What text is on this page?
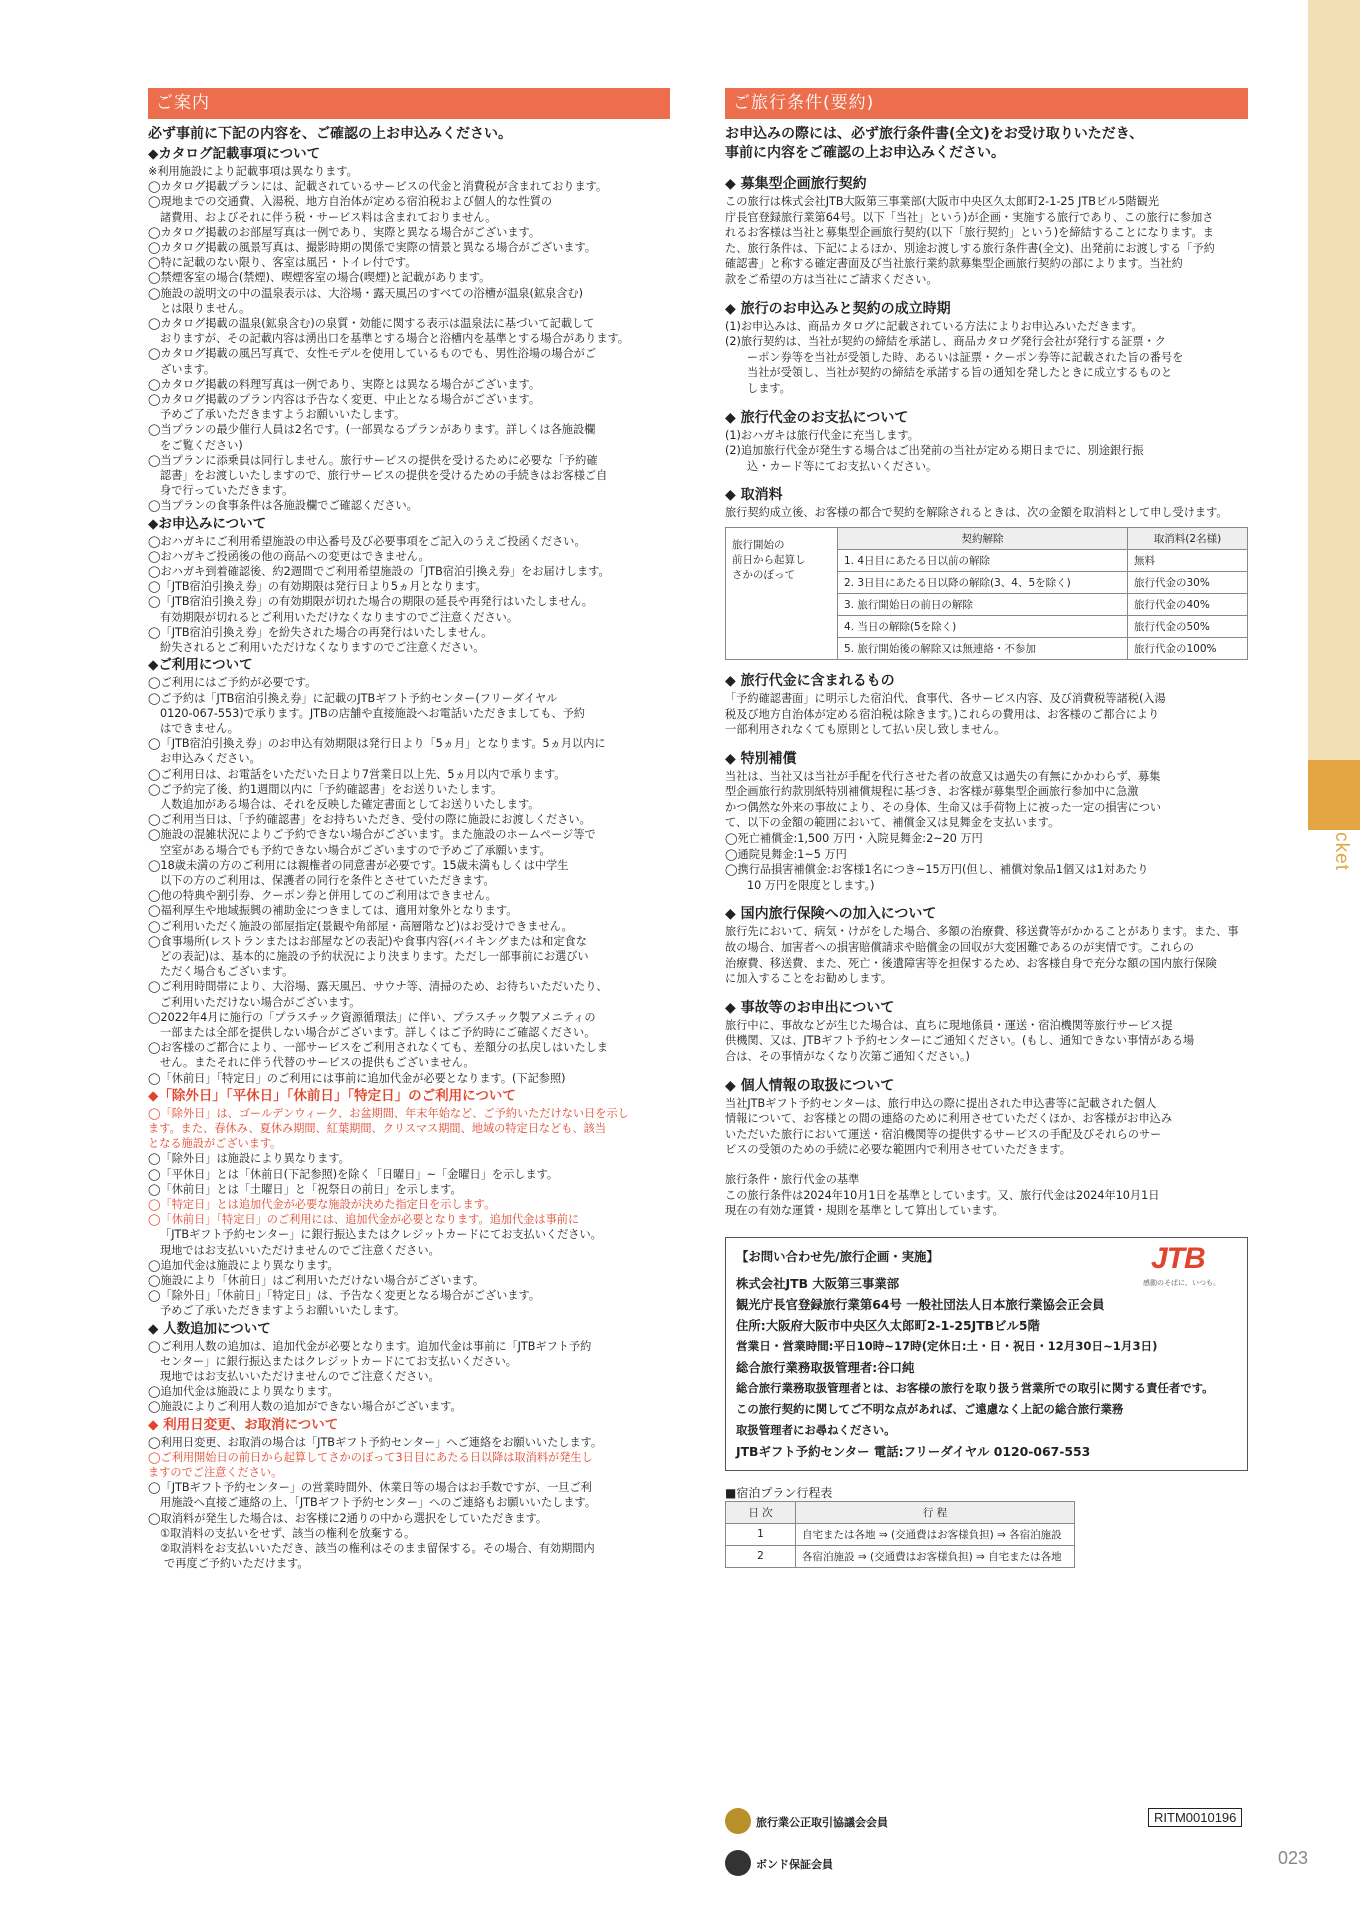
Ticket
ご案内
必ず事前に下記の内容を、ご確認の上お申込みください。
◆カタログ記載事項について
※利用施設により記載事項は異なります。
◯カタログ掲載プランには、記載されているサービスの代金と消費税が含まれております。
◯現地までの交通費、入湯税、地方自治体が定める宿泊税および個人的な性質の
諸費用、およびそれに伴う税・サービス料は含まれておりません。
◯カタログ掲載のお部屋写真は一例であり、実際と異なる場合がございます。
◯カタログ掲載の風景写真は、撮影時期の関係で実際の情景と異なる場合がございます。
◯特に記載のない限り、客室は風呂・トイレ付です。
◯禁煙客室の場合(禁煙)、喫煙客室の場合(喫煙)と記載があります。
◯施設の説明文の中の温泉表示は、大浴場・露天風呂のすべての浴槽が温泉(鉱泉含む)
とは限りません。
◯カタログ掲載の温泉(鉱泉含む)の泉質・効能に関する表示は温泉法に基づいて記載して
おりますが、その記載内容は湧出口を基準とする場合と浴槽内を基準とする場合があります。
◯カタログ掲載の風呂写真で、女性モデルを使用しているものでも、男性浴場の場合がご
ざいます。
◯カタログ掲載の料理写真は一例であり、実際とは異なる場合がございます。
◯カタログ掲載のプラン内容は予告なく変更、中止となる場合がございます。
予めご了承いただきますようお願いいたします。
◯当プランの最少催行人員は2名です。(一部異なるプランがあります。詳しくは各施設欄
をご覧ください)
◯当プランに添乗員は同行しません。旅行サービスの提供を受けるために必要な「予約確
認書」をお渡しいたしますので、旅行サービスの提供を受けるための手続きはお客様ご自
身で行っていただきます。
◯当プランの食事条件は各施設欄でご確認ください。
◆お申込みについて
◯おハガキにご利用希望施設の申込番号及び必要事項をご記入のうえご投函ください。
◯おハガキご投函後の他の商品への変更はできません。
◯おハガキ到着確認後、約2週間でご利用希望施設の「JTB宿泊引換え券」をお届けします。
◯「JTB宿泊引換え券」の有効期限は発行日より5ヵ月となります。
◯「JTB宿泊引換え券」の有効期限が切れた場合の期限の延長や再発行はいたしません。
有効期限が切れるとご利用いただけなくなりますのでご注意ください。
◯「JTB宿泊引換え券」を紛失された場合の再発行はいたしません。
紛失されるとご利用いただけなくなりますのでご注意ください。
◆ご利用について
◯ご利用にはご予約が必要です。
◯ご予約は「JTB宿泊引換え券」に記載のJTBギフト予約センター(フリーダイヤル
0120-067-553)で承ります。JTBの店舗や直接施設へお電話いただきましても、予約
はできません。
◯「JTB宿泊引換え券」のお申込有効期限は発行日より「5ヵ月」となります。5ヵ月以内に
お申込みください。
◯ご利用日は、お電話をいただいた日より7営業日以上先、5ヵ月以内で承ります。
◯ご予約完了後、約1週間以内に「予約確認書」をお送りいたします。
人数追加がある場合は、それを反映した確定書面としてお送りいたします。
◯ご利用当日は、「予約確認書」をお持ちいただき、受付の際に施設にお渡しください。
◯施設の混雑状況によりご予約できない場合がございます。また施設のホームページ等で
空室がある場合でも予約できない場合がございますので予めご了承願います。
◯18歳未満の方のご利用には親権者の同意書が必要です。15歳未満もしくは中学生
以下の方のご利用は、保護者の同行を条件とさせていただきます。
◯他の特典や割引券、クーポン券と併用してのご利用はできません。
◯福利厚生や地域振興の補助金につきましては、適用対象外となります。
◯ご利用いただく施設の部屋指定(景観や角部屋・高層階など)はお受けできません。
◯食事場所(レストランまたはお部屋などの表記)や食事内容(バイキングまたは和定食な
どの表記)は、基本的に施設の予約状況により決まります。ただし一部事前にお選びい
ただく場合もございます。
◯ご利用時間帯により、大浴場、露天風呂、サウナ等、清掃のため、お待ちいただいたり、
ご利用いただけない場合がございます。
◯2022年4月に施行の「プラスチック資源循環法」に伴い、プラスチック製アメニティの
一部または全部を提供しない場合がございます。詳しくはご予約時にご確認ください。
◯お客様のご都合により、一部サービスをご利用されなくても、差額分の払戻しはいたしま
せん。またそれに伴う代替のサービスの提供もございません。
◯「休前日」「特定日」のご利用には事前に追加代金が必要となります。(下記参照)
◆「除外日」「平休日」「休前日」「特定日」のご利用について
◯「除外日」は、ゴールデンウィーク、お盆期間、年末年始など、ご予約いただけない日を示し
ます。また、春休み、夏休み期間、紅葉期間、クリスマス期間、地域の特定日なども、該当
となる施設がございます。
◯「除外日」は施設により異なります。
◯「平休日」とは「休前日(下記参照)を除く「日曜日」~「金曜日」を示します。
◯「休前日」とは「土曜日」と「祝祭日の前日」を示します。
◯「特定日」とは追加代金が必要な施設が決めた指定日を示します。
◯「休前日」「特定日」のご利用には、追加代金が必要となります。追加代金は事前に
「JTBギフト予約センター」に銀行振込またはクレジットカードにてお支払いください。
現地ではお支払いいただけませんのでご注意ください。
◯追加代金は施設により異なります。
◯施設により「休前日」はご利用いただけない場合がございます。
◯「除外日」「休前日」「特定日」は、予告なく変更となる場合がございます。
予めご了承いただきますようお願いいたします。
◆ 人数追加について
◯ご利用人数の追加は、追加代金が必要となります。追加代金は事前に「JTBギフト予約
センター」に銀行振込またはクレジットカードにてお支払いください。
現地ではお支払いいただけませんのでご注意ください。
◯追加代金は施設により異なります。
◯施設によりご利用人数の追加ができない場合がございます。
◆ 利用日変更、お取消について
◯利用日変更、お取消の場合は「JTBギフト予約センター」へご連絡をお願いいたします。
◯ご利用開始日の前日から起算してさかのぼって3日目にあたる日以降は取消料が発生し
ますのでご注意ください。
◯「JTBギフト予約センター」の営業時間外、休業日等の場合はお手数ですが、一旦ご利
用施設へ直接ご連絡の上、「JTBギフト予約センター」へのご連絡もお願いいたします。
◯取消料が発生した場合は、お客様に2通りの中から選択をしていただきます。
①取消料の支払いをせず、該当の権利を放棄する。
②取消料をお支払いいただき、該当の権利はそのまま留保する。その場合、有効期間内
で再度ご予約いただけます。
ご旅行条件(要約)
お申込みの際には、必ず旅行条件書(全文)をお受け取りいただき、
事前に内容をご確認の上お申込みください。
◆ 募集型企画旅行契約
この旅行は株式会社JTB大阪第三事業部(大阪市中央区久太郎町2-1-25 JTBビル5階観光
庁長官登録旅行業第64号。以下「当社」という)が企画・実施する旅行であり、この旅行に参加さ
れるお客様は当社と募集型企画旅行契約(以下「旅行契約」という)を締結することになります。ま
た、旅行条件は、下記によるほか、別途お渡しする旅行条件書(全文)、出発前にお渡しする「予約
確認書」と称する確定書面及び当社旅行業約款募集型企画旅行契約の部によります。当社約
款をご希望の方は当社にご請求ください。
◆ 旅行のお申込みと契約の成立時期
(1)お申込みは、商品カタログに記載されている方法によりお申込みいただきます。
(2)旅行契約は、当社が契約の締結を承諾し、商品カタログ発行会社が発行する証票・ク
ーポン券等を当社が受領した時、あるいは証票・クーポン券等に記載された旨の番号を
当社が受領し、当社が契約の締結を承諾する旨の通知を発したときに成立するものと
します。
◆ 旅行代金のお支払について
(1)おハガキは旅行代金に充当します。
(2)追加旅行代金が発生する場合はご出発前の当社が定める期日までに、別途銀行振
込・カード等にてお支払いください。
◆ 取消料
旅行契約成立後、お客様の都合で契約を解除されるときは、次の金額を取消料として申し受けます。
旅行開始の
前日から起算し
さかのぼって	契約解除	取消料(2名様)
	1. 4日目にあたる日以前の解除	無料
	2. 3日目にあたる日以降の解除(3、4、5を除く)	旅行代金の30%
	3. 旅行開始日の前日の解除	旅行代金の40%
	4. 当日の解除(5を除く)	旅行代金の50%
	5. 旅行開始後の解除又は無連絡・不参加	旅行代金の100%
◆ 旅行代金に含まれるもの
「予約確認書面」に明示した宿泊代、食事代、各サービス内容、及び消費税等諸税(入湯
税及び地方自治体が定める宿泊税は除きます。)これらの費用は、お客様のご都合により
一部利用されなくても原則として払い戻し致しません。
◆ 特別補償
当社は、当社又は当社が手配を代行させた者の故意又は過失の有無にかかわらず、募集
型企画旅行約款別紙特別補償規程に基づき、お客様が募集型企画旅行参加中に急激
かつ偶然な外来の事故により、その身体、生命又は手荷物上に被った一定の損害につい
て、以下の金額の範囲において、補償金又は見舞金を支払います。
◯死亡補償金:1,500 万円・入院見舞金:2~20 万円
◯通院見舞金:1~5 万円
◯携行品損害補償金:お客様1名につき~15万円(但し、補償対象品1個又は1対あたり
10 万円を限度とします。)
◆ 国内旅行保険への加入について
旅行先において、病気・けがをした場合、多額の治療費、移送費等がかかることがあります。また、事
故の場合、加害者への損害賠償請求や賠償金の回収が大変困難であるのが実情です。これらの
治療費、移送費、また、死亡・後遺障害等を担保するため、お客様自身で充分な額の国内旅行保険
に加入することをお勧めします。
◆ 事故等のお申出について
旅行中に、事故などが生じた場合は、直ちに現地係員・運送・宿泊機関等旅行サービス提
供機関、又は、JTBギフト予約センターにご通知ください。(もし、通知できない事情がある場
合は、その事情がなくなり次第ご通知ください。)
◆ 個人情報の取扱について
当社JTBギフト予約センターは、旅行申込の際に提出された申込書等に記載された個人
情報について、お客様との間の連絡のために利用させていただくほか、お客様がお申込み
いただいた旅行において運送・宿泊機関等の提供するサービスの手配及びそれらのサー
ビスの受領のための手続に必要な範囲内で利用させていただきます。
旅行条件・旅行代金の基準
この旅行条件は2024年10月1日を基準としています。又、旅行代金は2024年10月1日
現在の有効な運賃・規則を基準として算出しています。
【お問い合わせ先/旅行企画・実施】	JTB
感動のそばに、いつも。
株式会社JTB 大阪第三事業部
観光庁長官登録旅行業第64号 一般社団法人日本旅行業協会正会員
住所:大阪府大阪市中央区久太郎町2-1-25JTBビル5階
営業日・営業時間:平日10時~17時(定休日:土・日・祝日・12月30日~1月3日)
総合旅行業務取扱管理者:谷口純
総合旅行業務取扱管理者とは、お客様の旅行を取り扱う営業所での取引に関する責任者です。
この旅行契約に関してご不明な点があれば、ご遠慮なく上記の総合旅行業務
取扱管理者にお尋ねください。
JTBギフト予約センター 電話:フリーダイヤル 0120-067-553
■宿泊プラン行程表
日 次	行 程
1	自宅または各地 ⇒ (交通費はお客様負担) ⇒ 各宿泊施設
2	各宿泊施設 ⇒ (交通費はお客様負担) ⇒ 自宅または各地
旅行業公正取引協議会会員
ボンド保証会員
RITM0010196
023
